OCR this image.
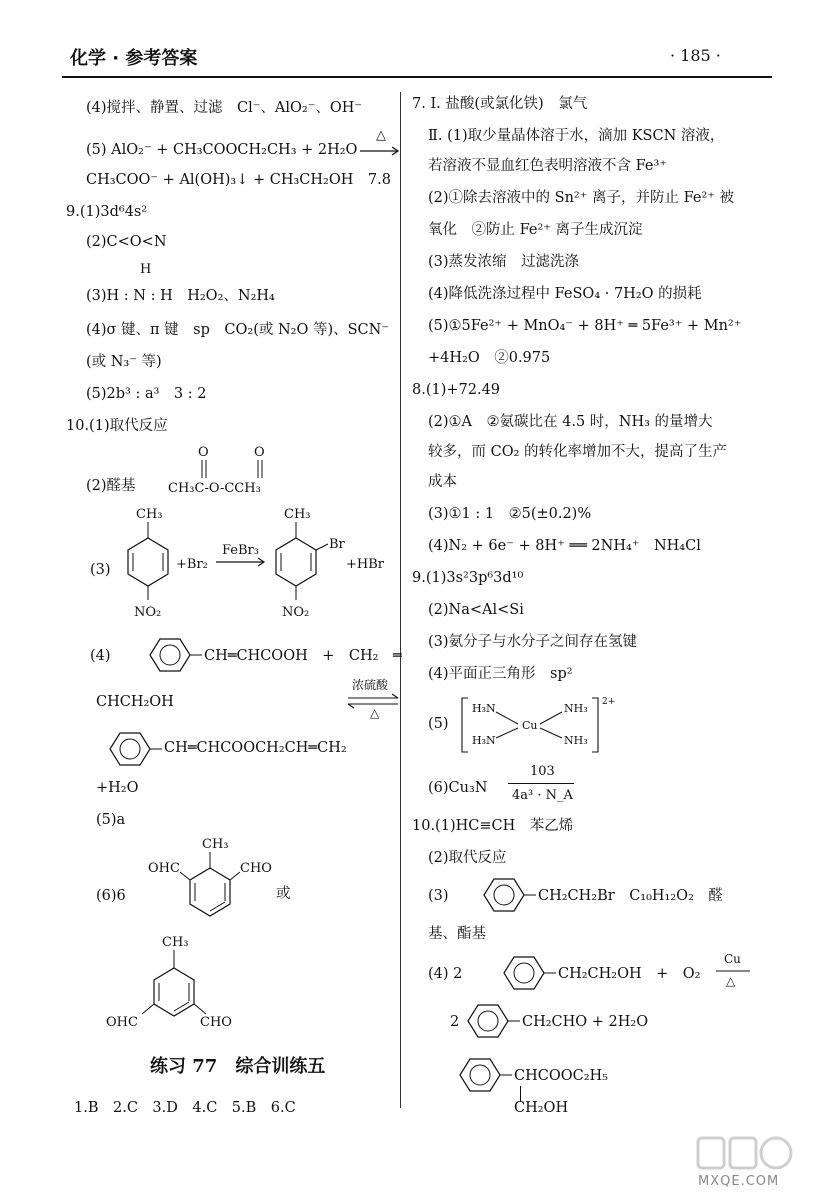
化学 · 参考答案	· 185 ·
(4)搅拌、静置、过滤　Cl⁻、AlO₂⁻、OH⁻
(5) AlO₂⁻ + CH₃COOCH₂CH₃ + 2H₂O
△
CH₃COO⁻ + Al(OH)₃↓ + CH₃CH₂OH　7.8
9.(1)3d⁶4s²
(2)C<O<N
H
(3)H : N : H　H₂O₂、N₂H₄
(4)σ 键、π 键　sp　CO₂(或 N₂O 等)、SCN⁻
(或 N₃⁻ 等)
(5)2b³ : a³　3 : 2
10.(1)取代反应
(2)醛基
O	O
CH₃C-O-CCH₃
(3)
CH₃
NO₂
+Br₂
FeBr₃
CH₃
Br
NO₂
+HBr
(4)	CH═CHCOOH　+　CH₂　═
CHCH₂OH
浓硫酸
△
CH═CHCOOCH₂CH═CH₂
+H₂O
(5)a
(6)6
CH₃
OHC	CHO
或
CH₃
OHC	CHO
练习 77　综合训练五
1.B　2.C　3.D　4.C　5.B　6.C
7. Ⅰ. 盐酸(或氯化铁)　氯气
Ⅱ. (1)取少量晶体溶于水，滴加 KSCN 溶液，
若溶液不显血红色表明溶液不含 Fe³⁺
(2)①除去溶液中的 Sn²⁺ 离子，并防止 Fe²⁺ 被
氧化　②防止 Fe²⁺ 离子生成沉淀
(3)蒸发浓缩　过滤洗涤
(4)降低洗涤过程中 FeSO₄ · 7H₂O 的损耗
(5)①5Fe²⁺ + MnO₄⁻ + 8H⁺ ═ 5Fe³⁺ + Mn²⁺
+4H₂O　②0.975
8.(1)+72.49
(2)①A　②氨碳比在 4.5 时，NH₃ 的量增大
较多，而 CO₂ 的转化率增加不大，提高了生产
成本
(3)①1 : 1　②5(±0.2)%
(4)N₂ + 6e⁻ + 8H⁺ ══ 2NH₄⁺　NH₄Cl
9.(1)3s²3p⁶3d¹⁰
(2)Na<Al<Si
(3)氨分子与水分子之间存在氢键
(4)平面正三角形　sp²
(5)
2+
H₃N
H₃N
NH₃
NH₃
Cu
(6)Cu₃N
103
4a³ · N_A
10.(1)HC≡CH　苯乙烯
(2)取代反应
(3)	CH₂CH₂Br　C₁₀H₁₂O₂　醛
基、酯基
(4) 2	CH₂CH₂OH　+　O₂
Cu
△
2	CH₂CHO + 2H₂O
CHCOOC₂H₅
CH₂OH
MXQE.COM
